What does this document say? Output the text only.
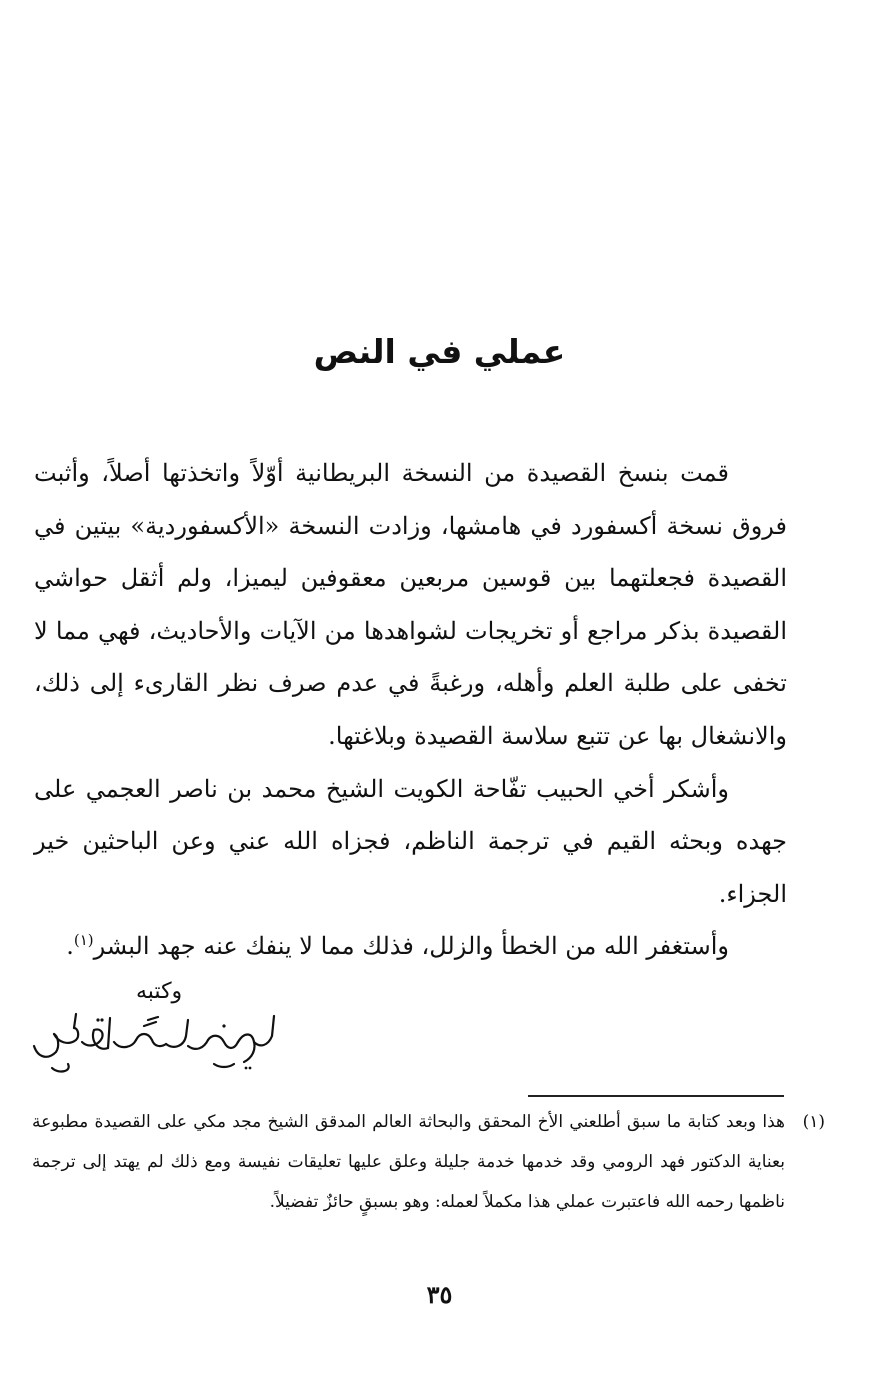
عملي في النص

قمت بنسخ القصيدة من النسخة البريطانية أوّلاً واتخذتها أصلاً، وأثبت فروق نسخة أكسفورد في هامشها، وزادت النسخة «الأكسفوردية» بيتين في القصيدة فجعلتهما بين قوسين مربعين معقوفين ليميزا، ولم أثقل حواشي القصيدة بذكر مراجع أو تخريجات لشواهدها من الآيات والأحاديث، فهي مما لا تخفى على طلبة العلم وأهله، ورغبةً في عدم صرف نظر القارىء إلى ذلك، والانشغال بها عن تتبع سلاسة القصيدة وبلاغتها.

وأشكر أخي الحبيب تفّاحة الكويت الشيخ محمد بن ناصر العجمي على جهده وبحثه القيم في ترجمة الناظم، فجزاه الله عني وعن الباحثين خير الجزاء.

وأستغفر الله من الخطأ والزلل، فذلك مما لا ينفك عنه جهد البشر$^{(١)}$.

وكتبه
(١)
هذا وبعد كتابة ما سبق أطلعني الأخ المحقق والبحاثة العالم المدقق الشيخ مجد مكي على القصيدة مطبوعة بعناية الدكتور فهد الرومي وقد خدمها خدمة جليلة وعلق عليها تعليقات نفيسة ومع ذلك لم يهتد إلى ترجمة ناظمها رحمه الله فاعتبرت عملي هذا مكملاً لعمله: وهو بسبقٍ حائزٌ تفضيلاً.
٣٥
